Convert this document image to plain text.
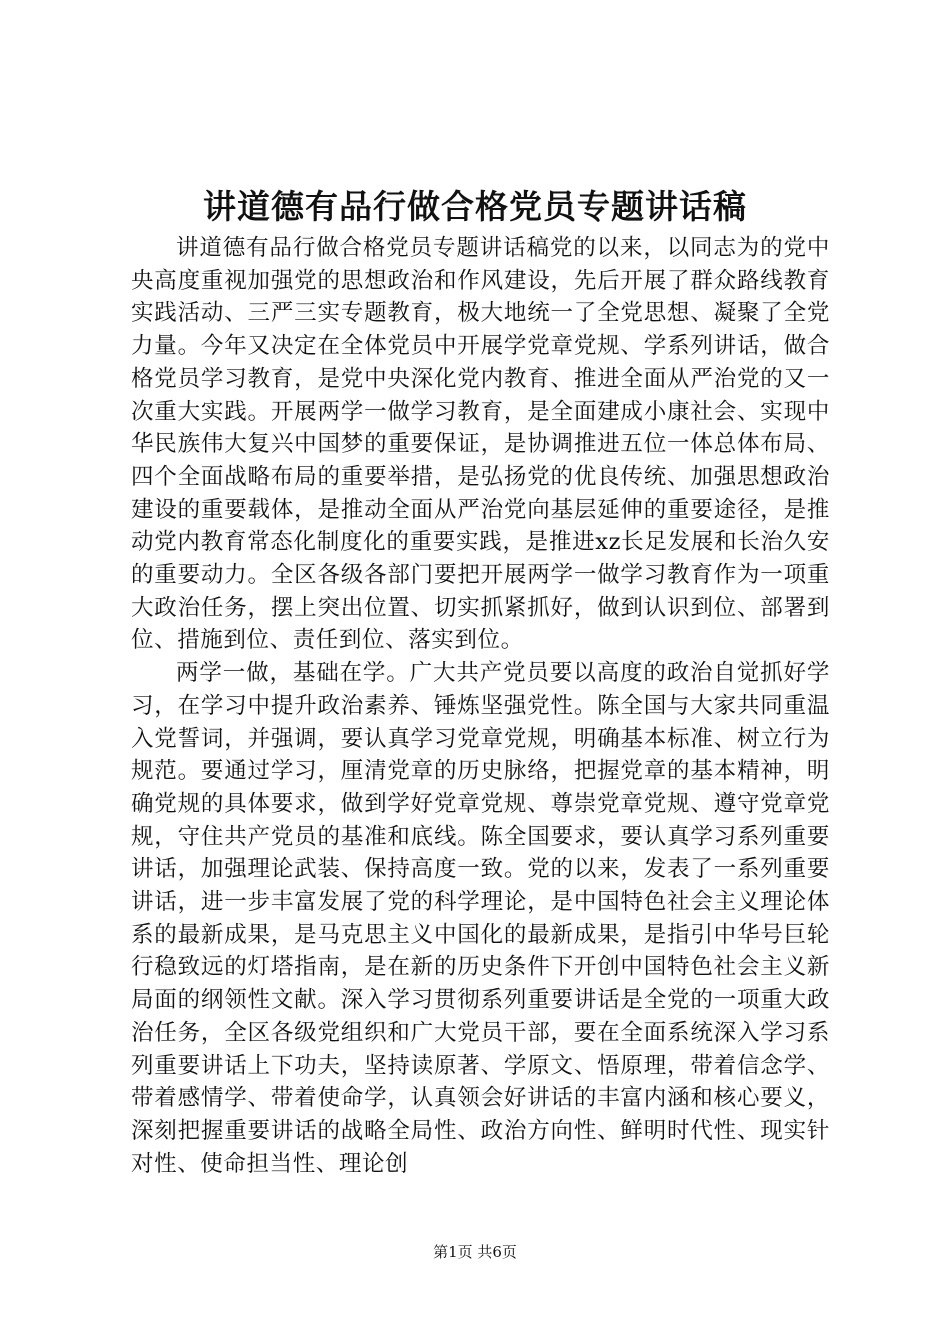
讲道德有品行做合格党员专题讲话稿

讲道德有品行做合格党员专题讲话稿党的以来，以同志为的党中央高度重视加强党的思想政治和作风建设，先后开展了群众路线教育实践活动、三严三实专题教育，极大地统一了全党思想、凝聚了全党力量。今年又决定在全体党员中开展学党章党规、学系列讲话，做合格党员学习教育，是党中央深化党内教育、推进全面从严治党的又一次重大实践。开展两学一做学习教育，是全面建成小康社会、实现中华民族伟大复兴中国梦的重要保证，是协调推进五位一体总体布局、四个全面战略布局的重要举措，是弘扬党的优良传统、加强思想政治建设的重要载体，是推动全面从严治党向基层延伸的重要途径，是推动党内教育常态化制度化的重要实践，是推进xz长足发展和长治久安的重要动力。全区各级各部门要把开展两学一做学习教育作为一项重大政治任务，摆上突出位置、切实抓紧抓好，做到认识到位、部署到位、措施到位、责任到位、落实到位。

两学一做，基础在学。广大共产党员要以高度的政治自觉抓好学习，在学习中提升政治素养、锤炼坚强党性。陈全国与大家共同重温入党誓词，并强调，要认真学习党章党规，明确基本标准、树立行为规范。要通过学习，厘清党章的历史脉络，把握党章的基本精神，明确党规的具体要求，做到学好党章党规、尊崇党章党规、遵守党章党规，守住共产党员的基准和底线。陈全国要求，要认真学习系列重要讲话，加强理论武装、保持高度一致。党的以来，发表了一系列重要讲话，进一步丰富发展了党的科学理论，是中国特色社会主义理论体系的最新成果，是马克思主义中国化的最新成果，是指引中华号巨轮行稳致远的灯塔指南，是在新的历史条件下开创中国特色社会主义新局面的纲领性文献。深入学习贯彻系列重要讲话是全党的一项重大政治任务，全区各级党组织和广大党员干部，要在全面系统深入学习系列重要讲话上下功夫，坚持读原著、学原文、悟原理，带着信念学、带着感情学、带着使命学，认真领会好讲话的丰富内涵和核心要义，深刻把握重要讲话的战略全局性、政治方向性、鲜明时代性、现实针对性、使命担当性、理论创

第1页 共6页
